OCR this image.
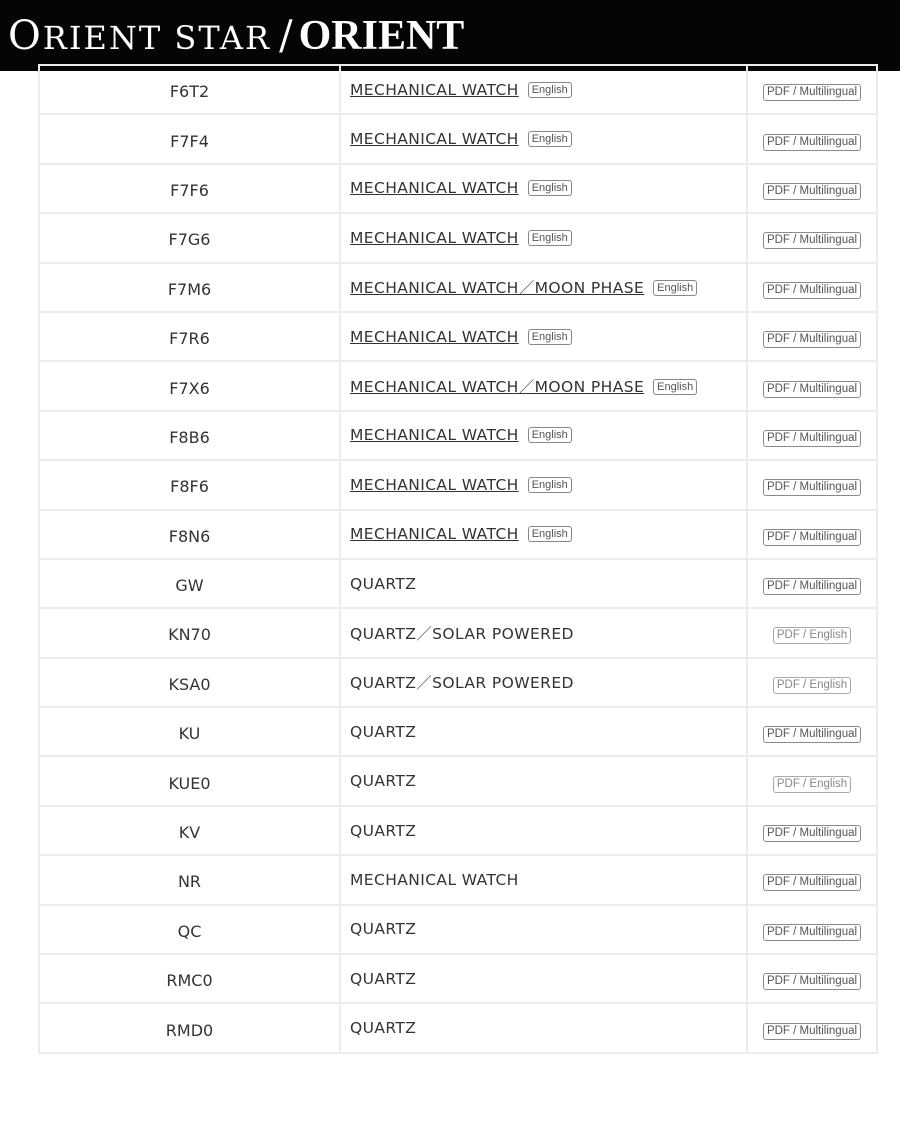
ORIENT STAR / ORIENT
F6T2	MECHANICAL WATCH English	PDF / Multilingual
F7F4	MECHANICAL WATCH English	PDF / Multilingual
F7F6	MECHANICAL WATCH English	PDF / Multilingual
F7G6	MECHANICAL WATCH English	PDF / Multilingual
F7M6	MECHANICAL WATCH／MOON PHASE English	PDF / Multilingual
F7R6	MECHANICAL WATCH English	PDF / Multilingual
F7X6	MECHANICAL WATCH／MOON PHASE English	PDF / Multilingual
F8B6	MECHANICAL WATCH English	PDF / Multilingual
F8F6	MECHANICAL WATCH English	PDF / Multilingual
F8N6	MECHANICAL WATCH English	PDF / Multilingual
GW	QUARTZ	PDF / Multilingual
KN70	QUARTZ／SOLAR POWERED	PDF / English
KSA0	QUARTZ／SOLAR POWERED	PDF / English
KU	QUARTZ	PDF / Multilingual
KUE0	QUARTZ	PDF / English
KV	QUARTZ	PDF / Multilingual
NR	MECHANICAL WATCH	PDF / Multilingual
QC	QUARTZ	PDF / Multilingual
RMC0	QUARTZ	PDF / Multilingual
RMD0	QUARTZ	PDF / Multilingual
